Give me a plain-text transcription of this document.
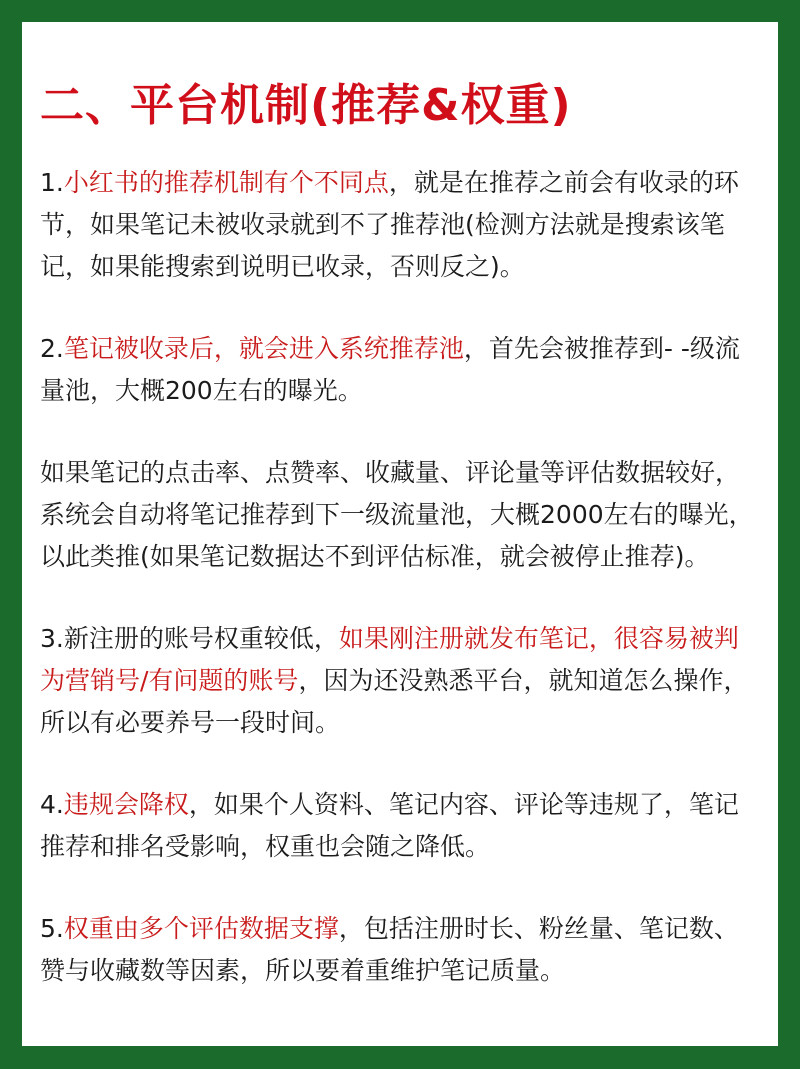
二、平台机制(推荐&权重)

1.小红书的推荐机制有个不同点，就是在推荐之前会有收录的环节，如果笔记未被收录就到不了推荐池(检测方法就是搜索该笔记，如果能搜索到说明已收录，否则反之)。

2.笔记被收录后，就会进入系统推荐池，首先会被推荐到- -级流量池，大概200左右的曝光。

如果笔记的点击率、点赞率、收藏量、评论量等评估数据较好，系统会自动将笔记推荐到下一级流量池，大概2000左右的曝光，以此类推(如果笔记数据达不到评估标准，就会被停止推荐)。

3.新注册的账号权重较低，如果刚注册就发布笔记，很容易被判为营销号/有问题的账号，因为还没熟悉平台，就知道怎么操作，所以有必要养号一段时间。

4.违规会降权，如果个人资料、笔记内容、评论等违规了，笔记推荐和排名受影响，权重也会随之降低。

5.权重由多个评估数据支撑，包括注册时长、粉丝量、笔记数、赞与收藏数等因素，所以要着重维护笔记质量。
